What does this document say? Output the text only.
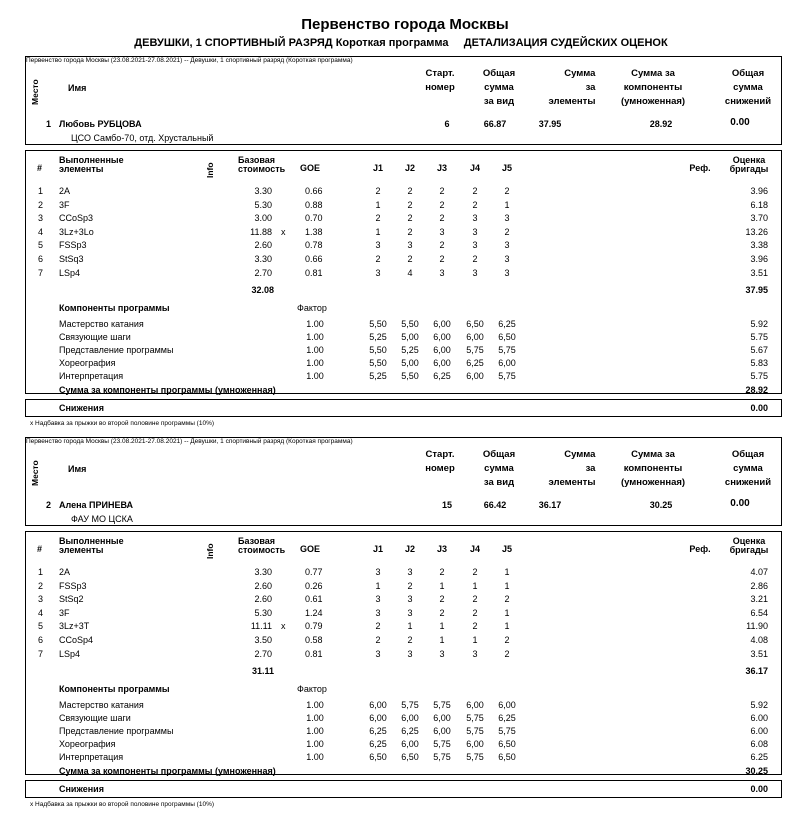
Первенство города Москвы
ДЕВУШКИ, 1 СПОРТИВНЫЙ РАЗРЯД Короткая программа     ДЕТАЛИЗАЦИЯ СУДЕЙСКИХ ОЦЕНОК
Первенство города Москвы (23.08.2021-27.08.2021) -- Девушки, 1 спортивный разряд (Короткая программа)
Место	Имя
Старт.
номер
Общая
сумма
за вид
Сумма
за
элементы
Сумма за
компоненты
(умноженная)
Общая
сумма
снижений
1 Любовь РУБЦОВА
ЦСО Самбо-70, отд. Хрустальный
6	66.87	37.95	28.92	0.00
#
Выполненные
элементы	Info
Базовая
стоимость GOE	J1 J2 J3	J4 J5	Реф.
Оценка
бригады
1 2A	3.30	0.66	2	2	2	2	2	3.96
2 3F	5.30	0.88	1	2	2	2	1	6.18
3 CCoSp3	3.00	0.70	2	2	2	3	3	3.70
4 3Lz+3Lo	11.88 x 1.38	1	2	3	3	2	13.26
5 FSSp3	2.60	0.78	3	3	2	3	3	3.38
6 StSq3	3.30	0.66	2	2	2	2	3	3.96
7 LSp4	2.70	0.81	3	4	3	3	3	3.51
32.08	37.95
Компоненты программы	Фактор
Мастерство катания	1.00	5,50 5,50 6,00 6,50 6,25	5.92
Связующие шаги	1.00	5,25 5,00 6,00 6,00 6,50	5.75
Представление программы	1.00	5,50 5,25 6,00 5,75 5,75	5.67
Хореография	1.00	5,50 5,00 6,00 6,25 6,00	5.83
Интерпретация	1.00	5,25 5,50 6,25 6,00 5,75	5.75
Сумма за компоненты программы (умноженная)	28.92
Снижения	0.00
x Надбавка за прыжки во второй половине программы (10%)
Первенство города Москвы (23.08.2021-27.08.2021) -- Девушки, 1 спортивный разряд (Короткая программа)
Место	Имя
Старт.
номер
Общая
сумма
за вид
Сумма
за
элементы
Сумма за
компоненты
(умноженная)
Общая
сумма
снижений
2 Алена ПРИНЕВА
ФАУ МО ЦСКА
15	66.42	36.17	30.25	0.00
#
Выполненные
элементы	Info
Базовая
стоимость GOE	J1 J2 J3	J4 J5	Реф.
Оценка
бригады
1 2A	3.30	0.77	3	3	2	2	1	4.07
2 FSSp3	2.60	0.26	1	2	1	1	1	2.86
3 StSq2	2.60	0.61	3	3	2	2	2	3.21
4 3F	5.30	1.24	3	3	2	2	1	6.54
5 3Lz+3T	11.11 x 0.79	2	1	1	2	1	11.90
6 CCoSp4	3.50	0.58	2	2	1	1	2	4.08
7 LSp4	2.70	0.81	3	3	3	3	2	3.51
31.11	36.17
Компоненты программы	Фактор
Мастерство катания	1.00	6,00 5,75 5,75 6,00 6,00	5.92
Связующие шаги	1.00	6,00 6,00 6,00 5,75 6,25	6.00
Представление программы	1.00	6,25 6,25 6,00 5,75 5,75	6.00
Хореография	1.00	6,25 6,00 5,75 6,00 6,50	6.08
Интерпретация	1.00	6,50 6,50 5,75 5,75 6,50	6.25
Сумма за компоненты программы (умноженная)	30.25
Снижения	0.00
x Надбавка за прыжки во второй половине программы (10%)
